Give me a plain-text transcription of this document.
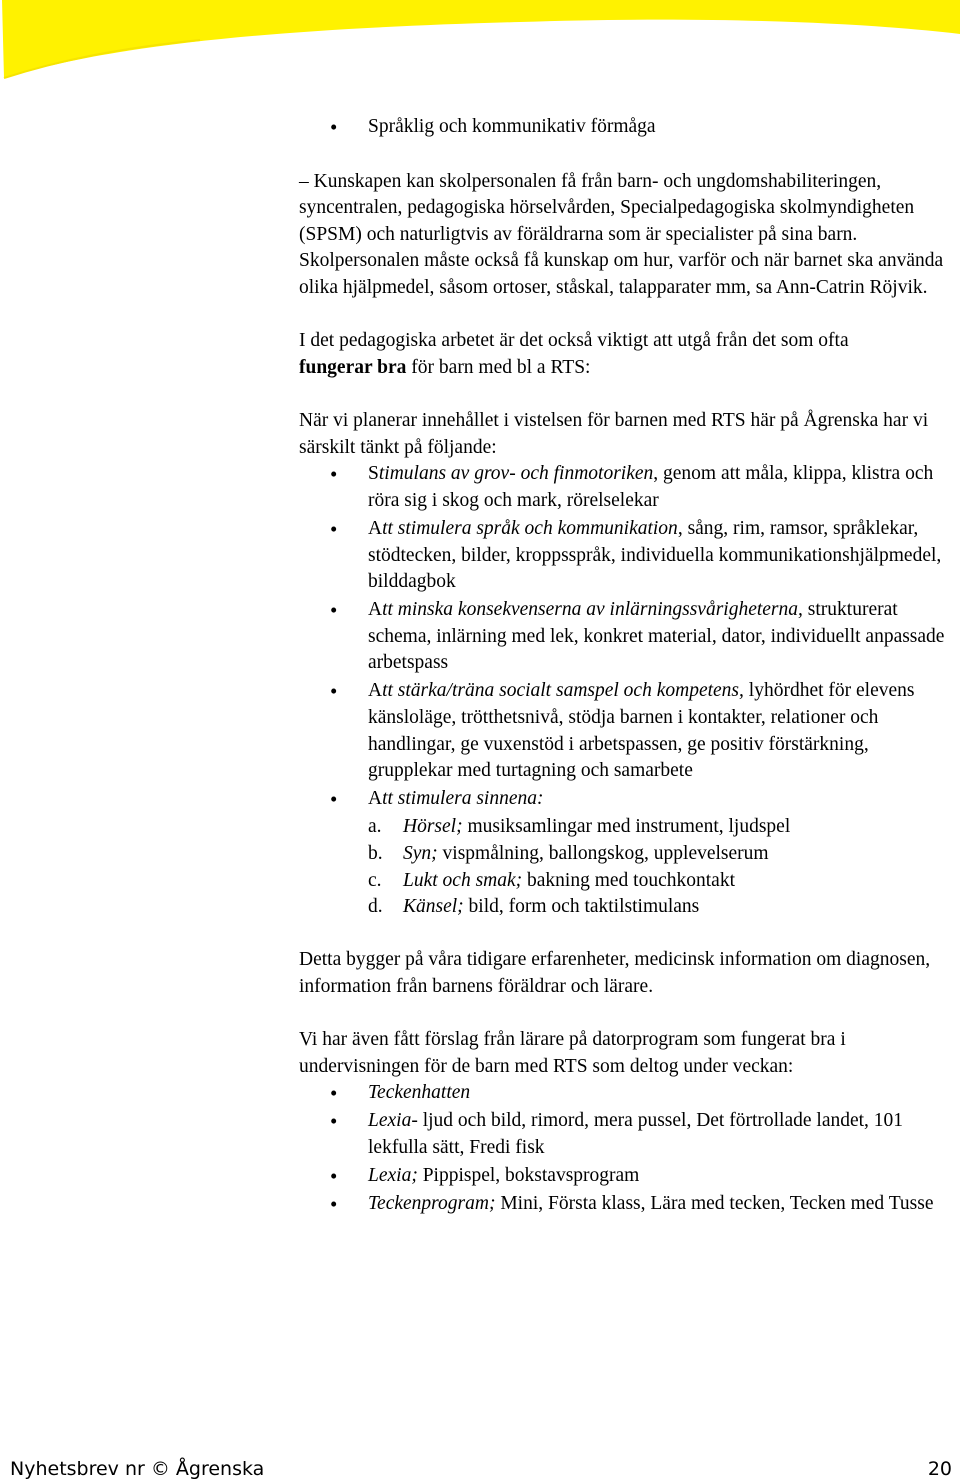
• Språklig och kommunikativ förmåga

– Kunskapen kan skolpersonalen få från barn- och ungdomshabiliteringen, syncentralen, pedagogiska hörselvården, Specialpedagogiska skolmyndigheten (SPSM) och naturligtvis av föräldrarna som är specialister på sina barn. Skolpersonalen måste också få kunskap om hur, varför och när barnet ska använda olika hjälpmedel, såsom ortoser, ståskal, talapparater mm, sa Ann-Catrin Röjvik.

I det pedagogiska arbetet är det också viktigt att utgå från det som ofta
fungerar bra för barn med bl a RTS:

När vi planerar innehållet i vistelsen för barnen med RTS här på Ågrenska har vi särskilt tänkt på följande:

• Stimulans av grov- och finmotoriken, genom att måla, klippa, klistra och röra sig i skog och mark, rörelselekar
• Att stimulera språk och kommunikation, sång, rim, ramsor, språklekar, stödtecken, bilder, kroppsspråk, individuella kommunikationshjälpmedel, bilddagbok
• Att minska konsekvenserna av inlärningssvårigheterna, strukturerat schema, inlärning med lek, konkret material, dator, individuellt anpassade arbetspass
• Att stärka/träna socialt samspel och kompetens, lyhördhet för elevens känsloläge, trötthetsnivå, stödja barnen i kontakter, relationer och handlingar, ge vuxenstöd i arbetspassen, ge positiv förstärkning, grupplekar med turtagning och samarbete
• Att stimulera sinnena:
a. Hörsel; musiksamlingar med instrument, ljudspel
b. Syn; vispmålning, ballongskog, upplevelserum
c. Lukt och smak; bakning med touchkontakt
d. Känsel; bild, form och taktilstimulans

Detta bygger på våra tidigare erfarenheter, medicinsk information om diagnosen, information från barnens föräldrar och lärare.

Vi har även fått förslag från lärare på datorprogram som fungerat bra i undervisningen för de barn med RTS som deltog under veckan:

• Teckenhatten
• Lexia- ljud och bild, rimord, mera pussel, Det förtrollade landet, 101 lekfulla sätt, Fredi fisk
• Lexia; Pippispel, bokstavsprogram
• Teckenprogram; Mini, Första klass, Lära med tecken, Tecken med Tusse
Nyhetsbrev nr © Ågrenska	20
